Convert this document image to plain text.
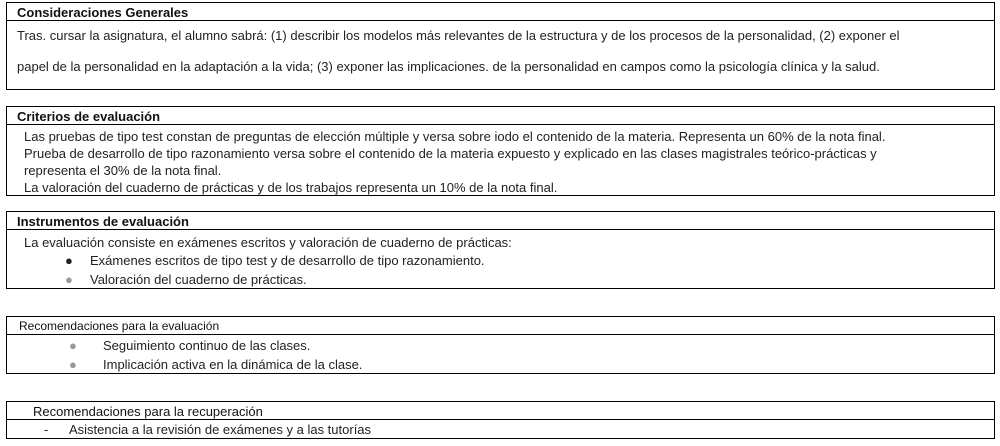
Consideraciones Generales
Tras. cursar la asignatura, el alumno sabrá: (1) describir los modelos más relevantes de la estructura y de los procesos de la personalidad, (2) exponer el
papel de la personalidad en la adaptación a la vida; (3) exponer las implicaciones. de la personalidad en campos como la psicología clínica y la salud.
Criterios de evaluación
Las pruebas de tipo test constan de preguntas de elección múltiple y versa sobre iodo el contenido de la materia. Representa un 60% de la nota final.
Prueba de desarrollo de tipo razonamiento versa sobre el contenido de la materia expuesto y explicado en las clases magistrales teórico-prácticas y
representa el 30% de la nota final.
La valoración del cuaderno de prácticas y de los trabajos representa un 10% de la nota final.
Instrumentos de evaluación
La evaluación consiste en exámenes escritos y valoración de cuaderno de prácticas:
● Exámenes escritos de tipo test y de desarrollo de tipo razonamiento.
● Valoración del cuaderno de prácticas.
Recomendaciones para la evaluación
● Seguimiento continuo de las clases.
● Implicación activa en la dinámica de la clase.
Recomendaciones para la recuperación
- Asistencia a la revisión de exámenes y a las tutorías
